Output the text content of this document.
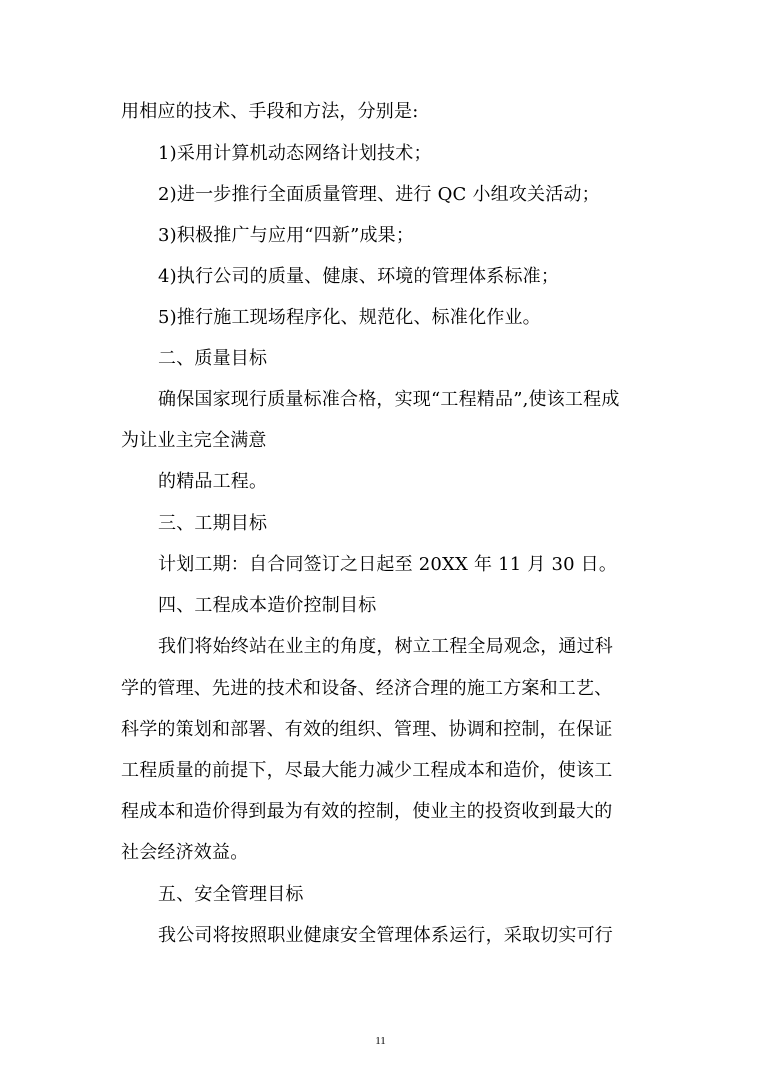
用相应的技术、手段和方法，分别是:
1)采用计算机动态网络计划技术；
2)进一步推行全面质量管理、进行 QC 小组攻关活动；
3)积极推广与应用“四新”成果；
4)执行公司的质量、健康、环境的管理体系标准；
5)推行施工现场程序化、规范化、标准化作业。
二、质量目标
确保国家现行质量标准合格，实现“工程精品”,使该工程成
为让业主完全满意
的精品工程。
三、工期目标
计划工期：自合同签订之日起至 20XX 年 11 月 30 日。
四、工程成本造价控制目标
我们将始终站在业主的角度，树立工程全局观念，通过科
学的管理、先进的技术和设备、经济合理的施工方案和工艺、
科学的策划和部署、有效的组织、管理、协调和控制，在保证
工程质量的前提下，尽最大能力减少工程成本和造价，使该工
程成本和造价得到最为有效的控制，使业主的投资收到最大的
社会经济效益。
五、安全管理目标
我公司将按照职业健康安全管理体系运行，采取切实可行
11
